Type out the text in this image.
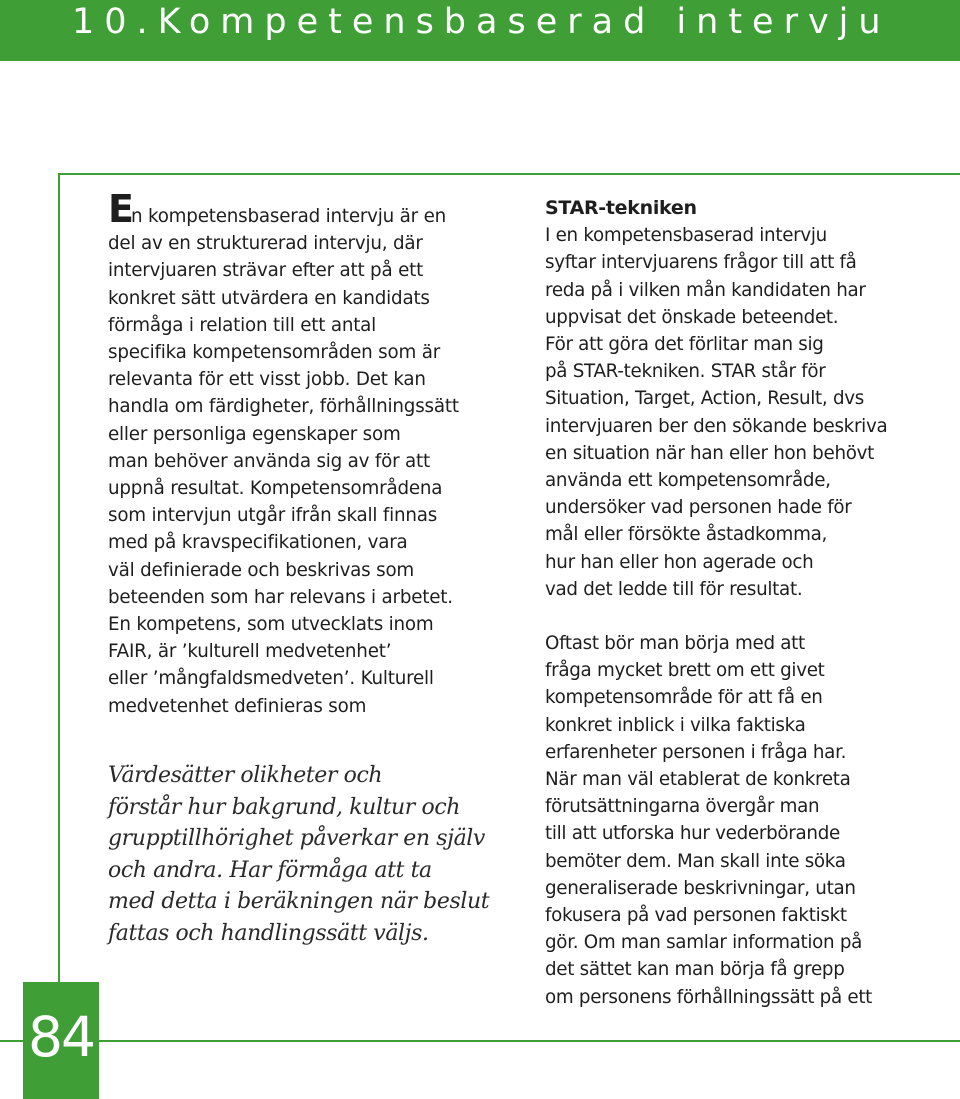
10.Kompetensbaserad intervju

En kompetensbaserad intervju är en

del av en strukturerad intervju, där

intervjuaren strävar efter att på ett

konkret sätt utvärdera en kandidats

förmåga i relation till ett antal

specifika kompetensområden som är

relevanta för ett visst jobb. Det kan

handla om färdigheter, förhållningssätt

eller personliga egenskaper som

man behöver använda sig av för att

uppnå resultat. Kompetensområdena

som intervjun utgår ifrån skall finnas

med på kravspecifikationen, vara

väl definierade och beskrivas som

beteenden som har relevans i arbetet.

En kompetens, som utvecklats inom

FAIR, är ’kulturell medvetenhet’

eller ’mångfaldsmedveten’. Kulturell

medvetenhet definieras som

Värdesätter olikheter och
förstår hur bakgrund, kultur och
grupptillhörighet påverkar en själv
och andra. Har förmåga att ta
med detta i beräkningen när beslut
fattas och handlingssätt väljs.

STAR-tekniken

I en kompetensbaserad intervju

syftar intervjuarens frågor till att få

reda på i vilken mån kandidaten har

uppvisat det önskade beteendet.

För att göra det förlitar man sig

på STAR-tekniken. STAR står för

Situation, Target, Action, Result, dvs

intervjuaren ber den sökande beskriva

en situation när han eller hon behövt

använda ett kompetensområde,

undersöker vad personen hade för

mål eller försökte åstadkomma,

hur han eller hon agerade och

vad det ledde till för resultat.

Oftast bör man börja med att

fråga mycket brett om ett givet

kompetensområde för att få en

konkret inblick i vilka faktiska

erfarenheter personen i fråga har.

När man väl etablerat de konkreta

förutsättningarna övergår man

till att utforska hur vederbörande

bemöter dem. Man skall inte söka

generaliserade beskrivningar, utan

fokusera på vad personen faktiskt

gör. Om man samlar information på

det sättet kan man börja få grepp

om personens förhållningssätt på ett

84
